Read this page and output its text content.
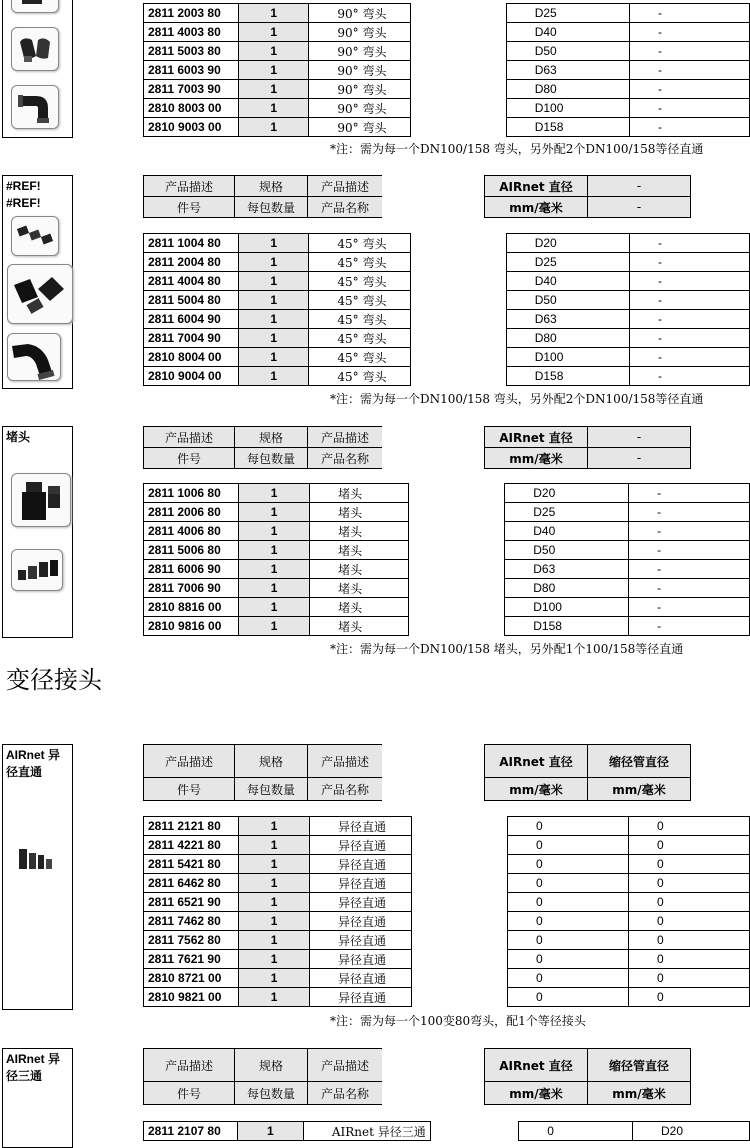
2811 2003 80	1	90° 弯头		D25	-
2811 4003 80	1	90° 弯头		D40	-
2811 5003 80	1	90° 弯头		D50	-
2811 6003 90	1	90° 弯头		D63	-
2811 7003 90	1	90° 弯头		D80	-
2810 8003 00	1	90° 弯头		D100	-
2810 9003 00	1	90° 弯头		D158	-
*注：需为每一个DN100/158 弯头，另外配2个DN100/158等径直通
#REF!
#REF!
产品描述	规格	产品描述		AIRnet 直径	-
件号	每包数量	产品名称		mm/毫米	-
2811 1004 80	1	45° 弯头		D20	-
2811 2004 80	1	45° 弯头		D25	-
2811 4004 80	1	45° 弯头		D40	-
2811 5004 80	1	45° 弯头		D50	-
2811 6004 90	1	45° 弯头		D63	-
2811 7004 90	1	45° 弯头		D80	-
2810 8004 00	1	45° 弯头		D100	-
2810 9004 00	1	45° 弯头		D158	-
*注：需为每一个DN100/158 弯头，另外配2个DN100/158等径直通
堵头	产品描述	规格	产品描述		AIRnet 直径	-
件号	每包数量	产品名称		mm/毫米	-
2811 1006 80	1	堵头		D20	-
2811 2006 80	1	堵头		D25	-
2811 4006 80	1	堵头		D40	-
2811 5006 80	1	堵头		D50	-
2811 6006 90	1	堵头		D63	-
2811 7006 90	1	堵头		D80	-
2810 8816 00	1	堵头		D100	-
2810 9816 00	1	堵头		D158	-
*注：需为每一个DN100/158 堵头，另外配1个100/158等径直通
变径接头
AIRnet 异径直通
产品描述	规格	产品描述		AIRnet 直径	缩径管直径
件号	每包数量	产品名称		mm/毫米	mm/毫米
2811 2121 80	1	异径直通		0	0
2811 4221 80	1	异径直通		0	0
2811 5421 80	1	异径直通		0	0
2811 6462 80	1	异径直通		0	0
2811 6521 90	1	异径直通		0	0
2811 7462 80	1	异径直通		0	0
2811 7562 80	1	异径直通		0	0
2811 7621 90	1	异径直通		0	0
2810 8721 00	1	异径直通		0	0
2810 9821 00	1	异径直通		0	0
*注：需为每一个100变80弯头，配1个等径接头
AIRnet 异径三通
产品描述	规格	产品描述		AIRnet 直径	缩径管直径
件号	每包数量	产品名称		mm/毫米	mm/毫米
2811 2107 80	1	AIRnet 异径三通		0	D20
